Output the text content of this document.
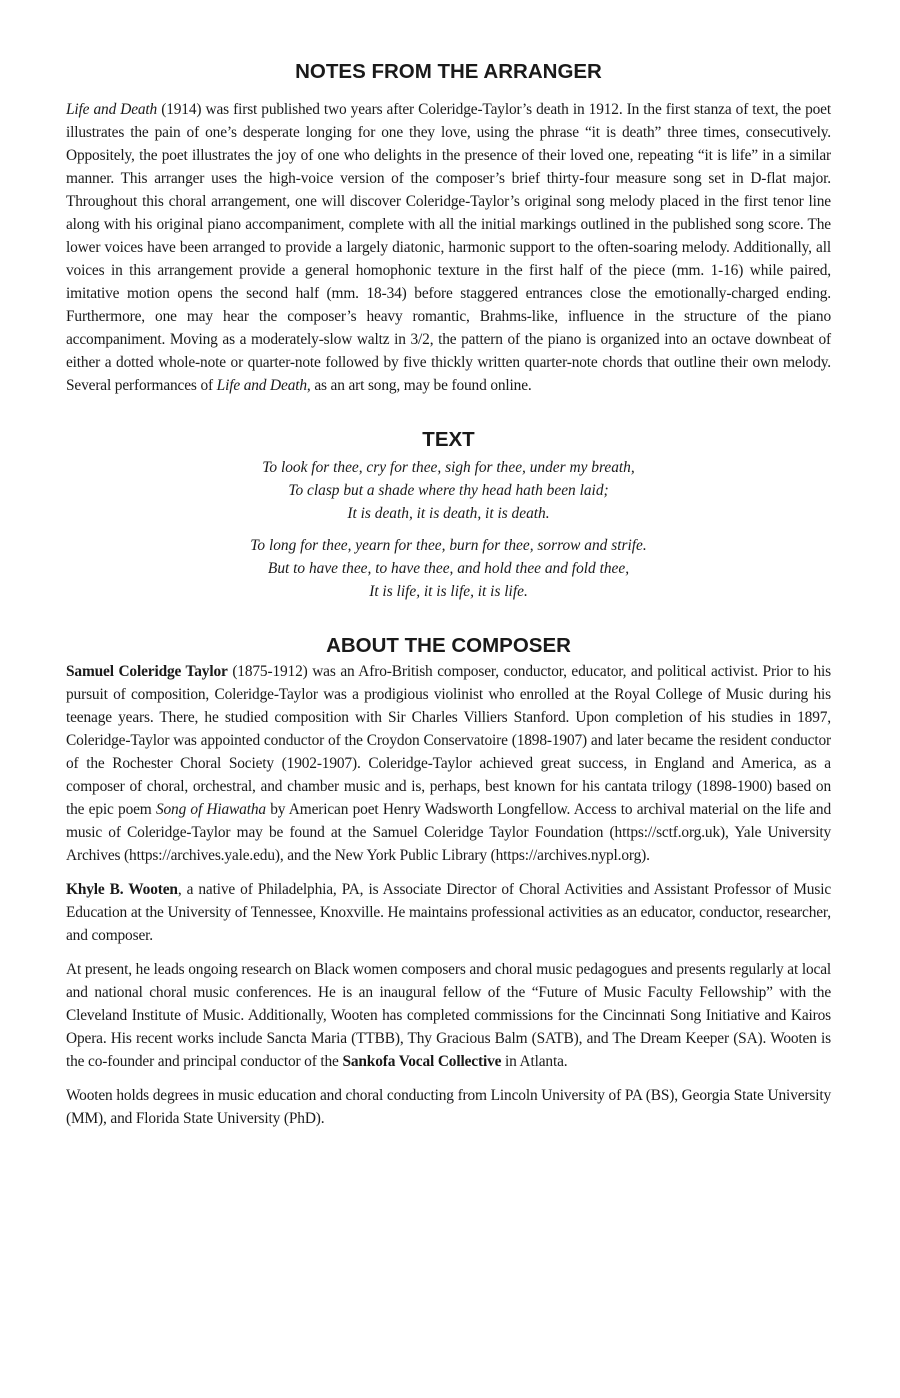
NOTES FROM THE ARRANGER

Life and Death (1914) was first published two years after Coleridge-Taylor’s death in 1912. In the first stanza of text, the poet illustrates the pain of one’s desperate longing for one they love, using the phrase “it is death” three times, consecutively. Oppositely, the poet illustrates the joy of one who delights in the presence of their loved one, repeating “it is life” in a similar manner. This arranger uses the high-voice version of the composer’s brief thirty-four measure song set in D-flat major. Throughout this choral arrangement, one will discover Coleridge-Taylor’s original song melody placed in the first tenor line along with his original piano accompaniment, complete with all the initial markings outlined in the published song score. The lower voices have been arranged to provide a largely diatonic, harmonic support to the often-soaring melody. Additionally, all voices in this arrangement provide a general homophonic texture in the first half of the piece (mm. 1-16) while paired, imitative motion opens the second half (mm. 18-34) before staggered entrances close the emotionally-charged ending. Furthermore, one may hear the composer’s heavy romantic, Brahms-like, influence in the structure of the piano accompaniment. Moving as a moderately-slow waltz in 3/2, the pattern of the piano is organized into an octave downbeat of either a dotted whole-note or quarter-note followed by five thickly written quarter-note chords that outline their own melody. Several performances of Life and Death, as an art song, may be found online.

TEXT
To look for thee, cry for thee, sigh for thee, under my breath,
To clasp but a shade where thy head hath been laid;
It is death, it is death, it is death.
To long for thee, yearn for thee, burn for thee, sorrow and strife.
But to have thee, to have thee, and hold thee and fold thee,
It is life, it is life, it is life.
ABOUT THE COMPOSER

Samuel Coleridge Taylor (1875-1912) was an Afro-British composer, conductor, educator, and political activist. Prior to his pursuit of composition, Coleridge-Taylor was a prodigious violinist who enrolled at the Royal College of Music during his teenage years. There, he studied composition with Sir Charles Villiers Stanford. Upon completion of his studies in 1897, Coleridge-Taylor was appointed conductor of the Croydon Conservatoire (1898-1907) and later became the resident conductor of the Rochester Choral Society (1902-1907). Coleridge-Taylor achieved great success, in England and America, as a composer of choral, orchestral, and chamber music and is, perhaps, best known for his cantata trilogy (1898-1900) based on the epic poem Song of Hiawatha by American poet Henry Wadsworth Longfellow. Access to archival material on the life and music of Coleridge-Taylor may be found at the Samuel Coleridge Taylor Foundation (https://sctf.org.uk), Yale University Archives (https://archives.yale.edu), and the New York Public Library (https://archives.nypl.org).

Khyle B. Wooten, a native of Philadelphia, PA, is Associate Director of Choral Activities and Assistant Professor of Music Education at the University of Tennessee, Knoxville. He maintains professional activities as an educator, conductor, researcher, and composer.

At present, he leads ongoing research on Black women composers and choral music pedagogues and presents regularly at local and national choral music conferences. He is an inaugural fellow of the “Future of Music Faculty Fellowship” with the Cleveland Institute of Music. Additionally, Wooten has completed commissions for the Cincinnati Song Initiative and Kairos Opera. His recent works include Sancta Maria (TTBB), Thy Gracious Balm (SATB), and The Dream Keeper (SA). Wooten is the co-founder and principal conductor of the Sankofa Vocal Collective in Atlanta.

Wooten holds degrees in music education and choral conducting from Lincoln University of PA (BS), Georgia State University (MM), and Florida State University (PhD).
